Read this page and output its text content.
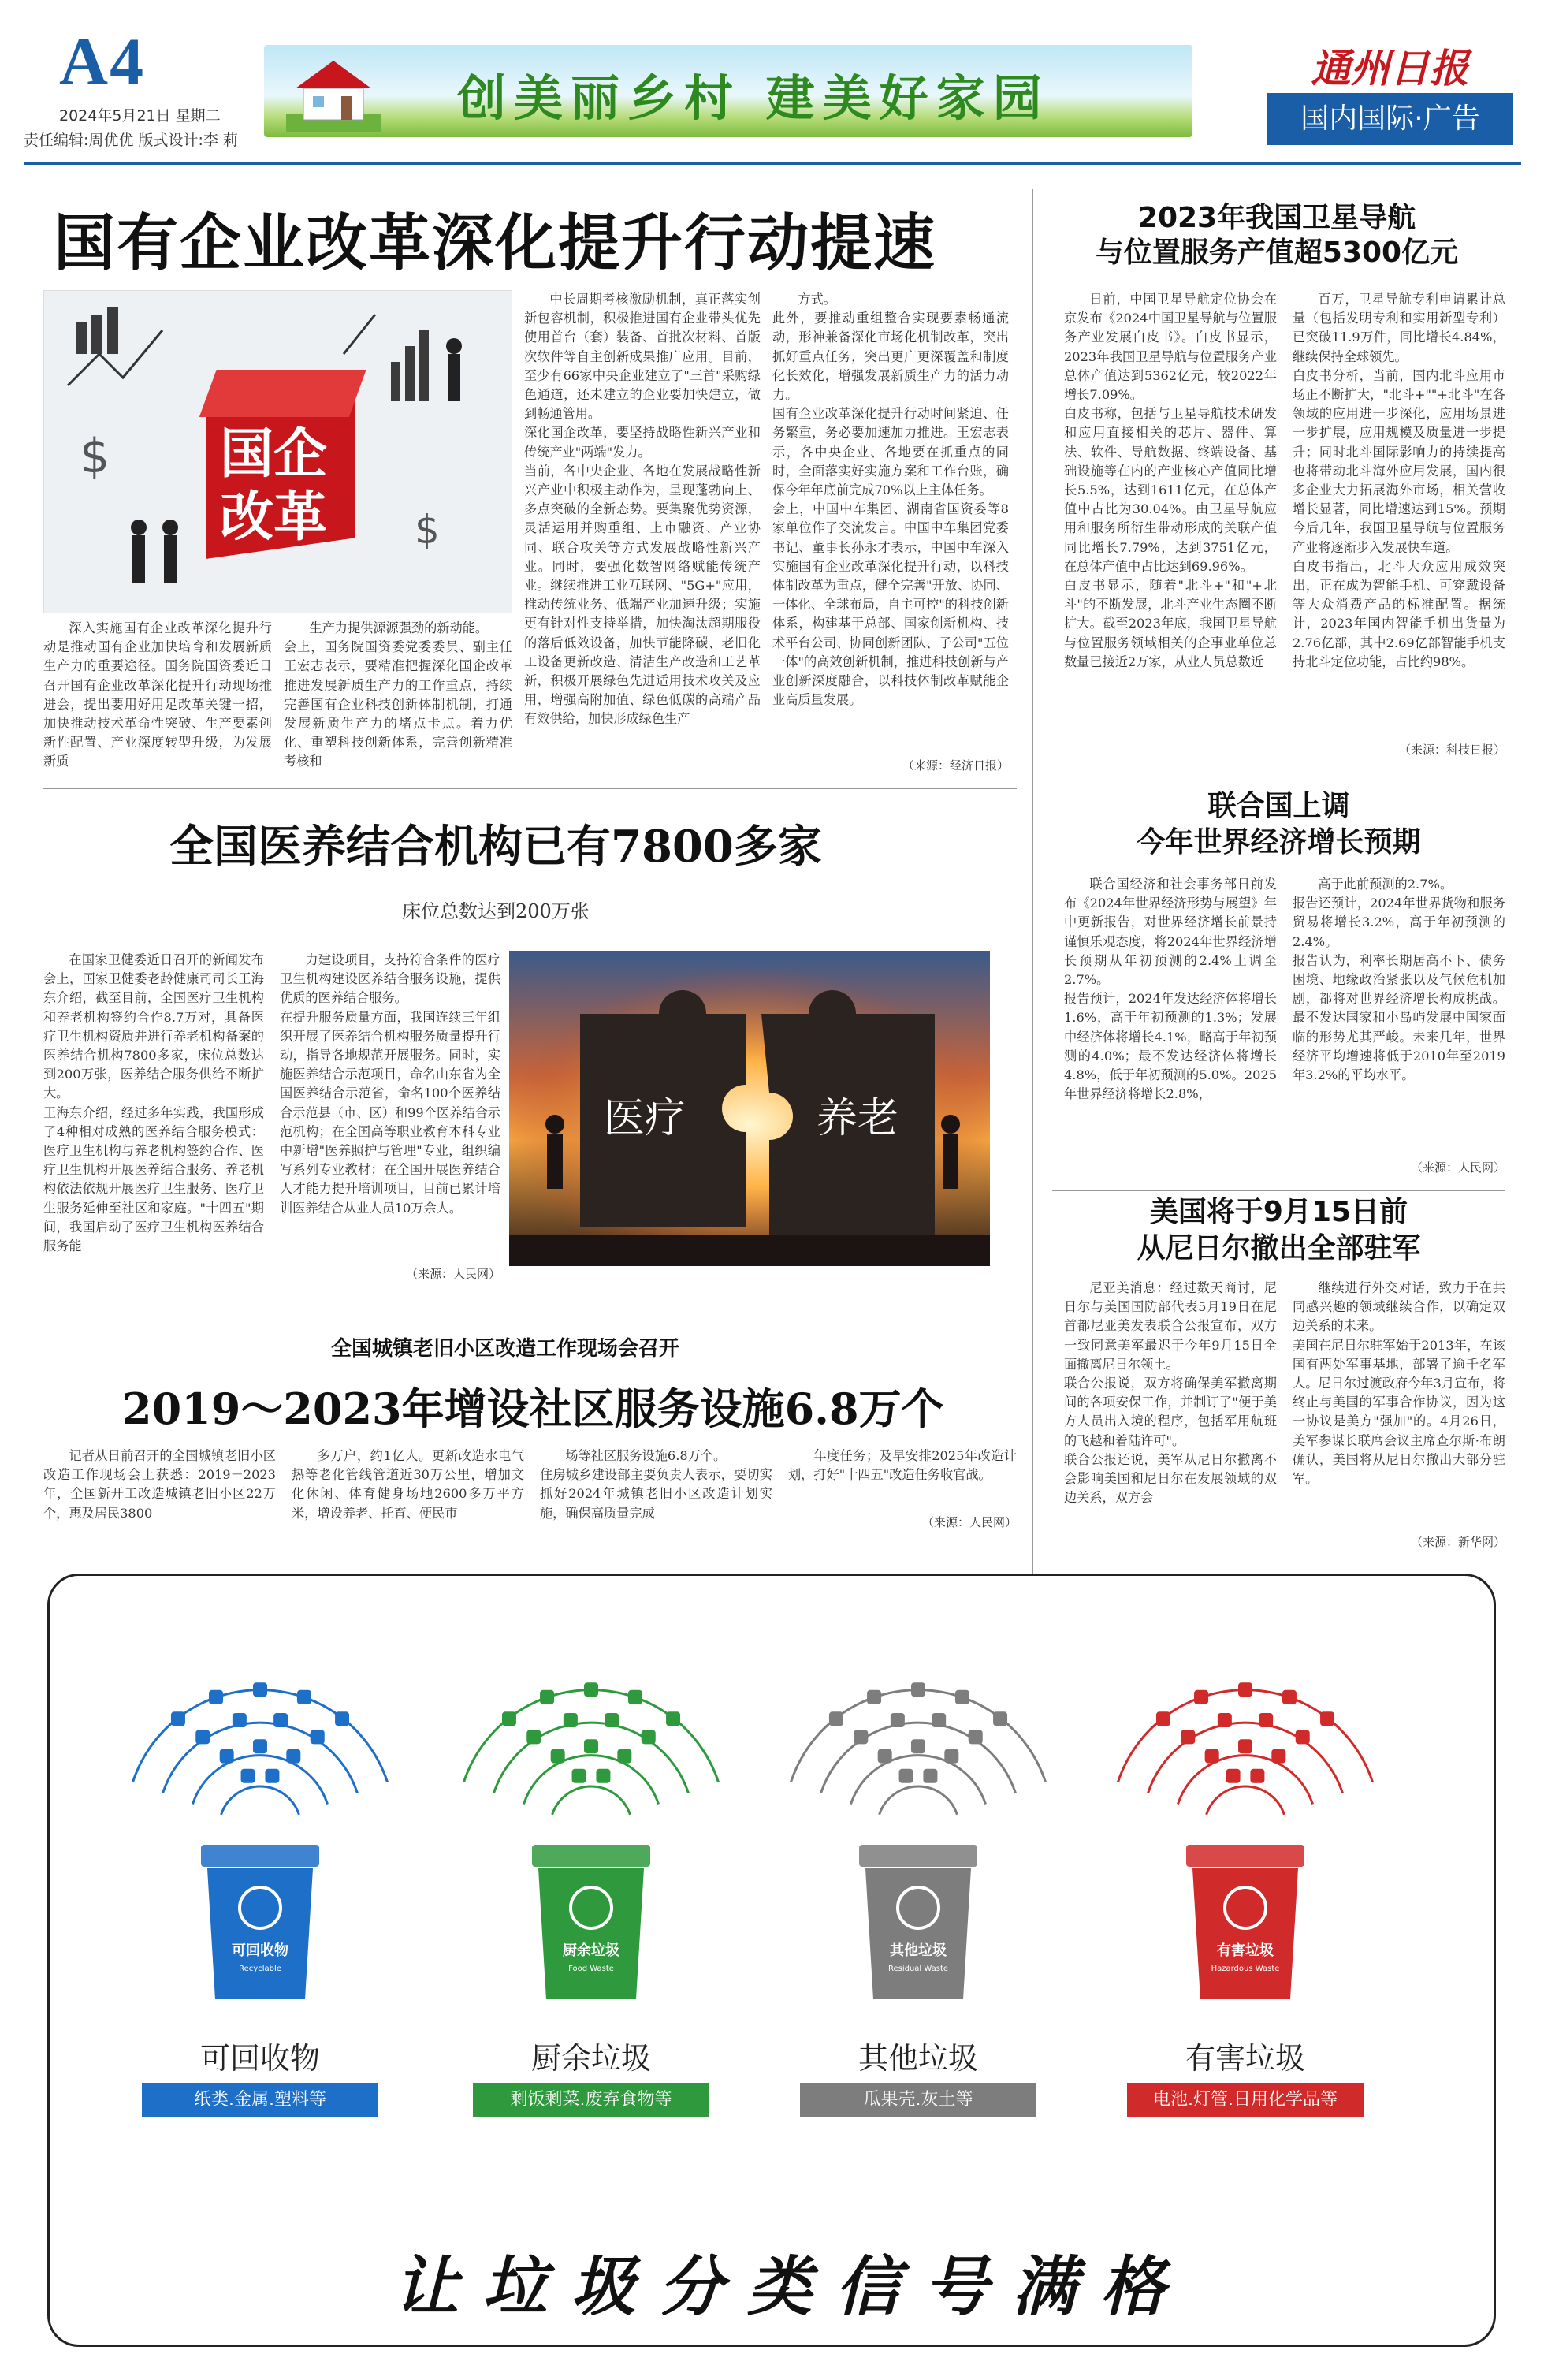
A4
2024年5月21日 星期二
责任编辑:周优优 版式设计:李 莉
创美丽乡村 建美好家园
通州日报
国内国际·广告
国有企业改革深化提升行动提速
$
$
国企
改革
深入实施国有企业改革深化提升行动是推动国有企业加快培育和发展新质生产力的重要途径。国务院国资委近日召开国有企业改革深化提升行动现场推进会，提出要用好用足改革关键一招，加快推动技术革命性突破、生产要素创新性配置、产业深度转型升级，为发展新质
生产力提供源源强劲的新动能。
会上，国务院国资委党委委员、副主任王宏志表示，要精准把握深化国企改革推进发展新质生产力的工作重点，持续完善国有企业科技创新体制机制，打通发展新质生产力的堵点卡点。着力优化、重塑科技创新体系，完善创新精准考核和
中长周期考核激励机制，真正落实创新包容机制，积极推进国有企业带头优先使用首台（套）装备、首批次材料、首版次软件等自主创新成果推广应用。目前，至少有66家中央企业建立了"三首"采购绿色通道，还未建立的企业要加快建立，做到畅通管用。
深化国企改革，要坚持战略性新兴产业和传统产业"两端"发力。
当前，各中央企业、各地在发展战略性新兴产业中积极主动作为，呈现蓬勃向上、多点突破的全新态势。要集聚优势资源，灵活运用并购重组、上市融资、产业协同、联合攻关等方式发展战略性新兴产业。同时，要强化数智网络赋能传统产业。继续推进工业互联网、"5G+"应用，推动传统业务、低端产业加速升级；实施更有针对性支持举措，加快淘汰超期服役的落后低效设备，加快节能降碳、老旧化工设备更新改造、清洁生产改造和工艺革新，积极开展绿色先进适用技术攻关及应用，增强高附加值、绿色低碳的高端产品有效供给，加快形成绿色生产
方式。
此外，要推动重组整合实现要素畅通流动，形神兼备深化市场化机制改革，突出抓好重点任务，突出更广更深覆盖和制度化长效化，增强发展新质生产力的活力动力。
国有企业改革深化提升行动时间紧迫、任务繁重，务必要加速加力推进。王宏志表示，各中央企业、各地要在抓重点的同时，全面落实好实施方案和工作台账，确保今年年底前完成70%以上主体任务。
会上，中国中车集团、湖南省国资委等8家单位作了交流发言。中国中车集团党委书记、董事长孙永才表示，中国中车深入实施国有企业改革深化提升行动，以科技体制改革为重点，健全完善"开放、协同、一体化、全球布局，自主可控"的科技创新体系，构建基于总部、国家创新机构、技术平台公司、协同创新团队、子公司"五位一体"的高效创新机制，推进科技创新与产业创新深度融合，以科技体制改革赋能企业高质量发展。
（来源：经济日报）
2023年我国卫星导航
与位置服务产值超5300亿元
日前，中国卫星导航定位协会在京发布《2024中国卫星导航与位置服务产业发展白皮书》。白皮书显示，2023年我国卫星导航与位置服务产业总体产值达到5362亿元，较2022年增长7.09%。
白皮书称，包括与卫星导航技术研发和应用直接相关的芯片、器件、算法、软件、导航数据、终端设备、基础设施等在内的产业核心产值同比增长5.5%，达到1611亿元，在总体产值中占比为30.04%。由卫星导航应用和服务所衍生带动形成的关联产值同比增长7.79%，达到3751亿元，在总体产值中占比达到69.96%。
白皮书显示，随着"北斗+"和"+北斗"的不断发展，北斗产业生态圈不断扩大。截至2023年底，我国卫星导航与位置服务领域相关的企事业单位总数量已接近2万家，从业人员总数近
百万，卫星导航专利申请累计总量（包括发明专利和实用新型专利）已突破11.9万件，同比增长4.84%，继续保持全球领先。
白皮书分析，当前，国内北斗应用市场正不断扩大，"北斗+""+北斗"在各领域的应用进一步深化，应用场景进一步扩展，应用规模及质量进一步提升；同时北斗国际影响力的持续提高也将带动北斗海外应用发展，国内很多企业大力拓展海外市场，相关营收增长显著，同比增速达到15%。预期今后几年，我国卫星导航与位置服务产业将逐渐步入发展快车道。
白皮书指出，北斗大众应用成效突出，正在成为智能手机、可穿戴设备等大众消费产品的标准配置。据统计，2023年国内智能手机出货量为2.76亿部，其中2.69亿部智能手机支持北斗定位功能，占比约98%。
（来源：科技日报）
全国医养结合机构已有7800多家
床位总数达到200万张
在国家卫健委近日召开的新闻发布会上，国家卫健委老龄健康司司长王海东介绍，截至目前，全国医疗卫生机构和养老机构签约合作8.7万对，具备医疗卫生机构资质并进行养老机构备案的医养结合机构7800多家，床位总数达到200万张，医养结合服务供给不断扩大。
王海东介绍，经过多年实践，我国形成了4种相对成熟的医养结合服务模式：医疗卫生机构与养老机构签约合作、医疗卫生机构开展医养结合服务、养老机构依法依规开展医疗卫生服务、医疗卫生服务延伸至社区和家庭。"十四五"期间，我国启动了医疗卫生机构医养结合服务能
力建设项目，支持符合条件的医疗卫生机构建设医养结合服务设施，提供优质的医养结合服务。
在提升服务质量方面，我国连续三年组织开展了医养结合机构服务质量提升行动，指导各地规范开展服务。同时，实施医养结合示范项目，命名山东省为全国医养结合示范省，命名100个医养结合示范县（市、区）和99个医养结合示范机构；在全国高等职业教育本科专业中新增"医养照护与管理"专业，组织编写系列专业教材；在全国开展医养结合人才能力提升培训项目，目前已累计培训医养结合从业人员10万余人。
（来源：人民网）
医疗	养老
全国城镇老旧小区改造工作现场会召开
2019～2023年增设社区服务设施6.8万个
记者从日前召开的全国城镇老旧小区改造工作现场会上获悉：2019－2023年，全国新开工改造城镇老旧小区22万个，惠及居民3800
多万户，约1亿人。更新改造水电气热等老化管线管道近30万公里，增加文化休闲、体育健身场地2600多万平方米，增设养老、托育、便民市
场等社区服务设施6.8万个。
住房城乡建设部主要负责人表示，要切实抓好2024年城镇老旧小区改造计划实施，确保高质量完成
年度任务；及早安排2025年改造计划，打好"十四五"改造任务收官战。
（来源：人民网）
联合国上调
今年世界经济增长预期
联合国经济和社会事务部日前发布《2024年世界经济形势与展望》年中更新报告，对世界经济增长前景持谨慎乐观态度，将2024年世界经济增长预期从年初预测的2.4%上调至2.7%。
报告预计，2024年发达经济体将增长1.6%，高于年初预测的1.3%；发展中经济体将增长4.1%，略高于年初预测的4.0%；最不发达经济体将增长4.8%，低于年初预测的5.0%。2025年世界经济将增长2.8%，
高于此前预测的2.7%。
报告还预计，2024年世界货物和服务贸易将增长3.2%，高于年初预测的2.4%。
报告认为，利率长期居高不下、债务困境、地缘政治紧张以及气候危机加剧，都将对世界经济增长构成挑战。最不发达国家和小岛屿发展中国家面临的形势尤其严峻。未来几年，世界经济平均增速将低于2010年至2019年3.2%的平均水平。
（来源：人民网）
美国将于9月15日前
从尼日尔撤出全部驻军
尼亚美消息：经过数天商讨，尼日尔与美国国防部代表5月19日在尼首都尼亚美发表联合公报宣布，双方一致同意美军最迟于今年9月15日全面撤离尼日尔领土。
联合公报说，双方将确保美军撤离期间的各项安保工作，并制订了"便于美方人员出入境的程序，包括军用航班的飞越和着陆许可"。
联合公报还说，美军从尼日尔撤离不会影响美国和尼日尔在发展领域的双边关系，双方会
继续进行外交对话，致力于在共同感兴趣的领域继续合作，以确定双边关系的未来。
美国在尼日尔驻军始于2013年，在该国有两处军事基地，部署了逾千名军人。尼日尔过渡政府今年3月宣布，将终止与美国的军事合作协议，因为这一协议是美方"强加"的。4月26日，美军参谋长联席会议主席查尔斯·布朗确认，美国将从尼日尔撤出大部分驻军。
（来源：新华网）
可回收物
Recyclable
可回收物
纸类.金属.塑料等
厨余垃圾
Food Waste
厨余垃圾
剩饭剩菜.废弃食物等
其他垃圾
Residual Waste
其他垃圾
瓜果壳.灰土等
有害垃圾
Hazardous Waste
有害垃圾
电池.灯管.日用化学品等
让垃圾分类信号满格
